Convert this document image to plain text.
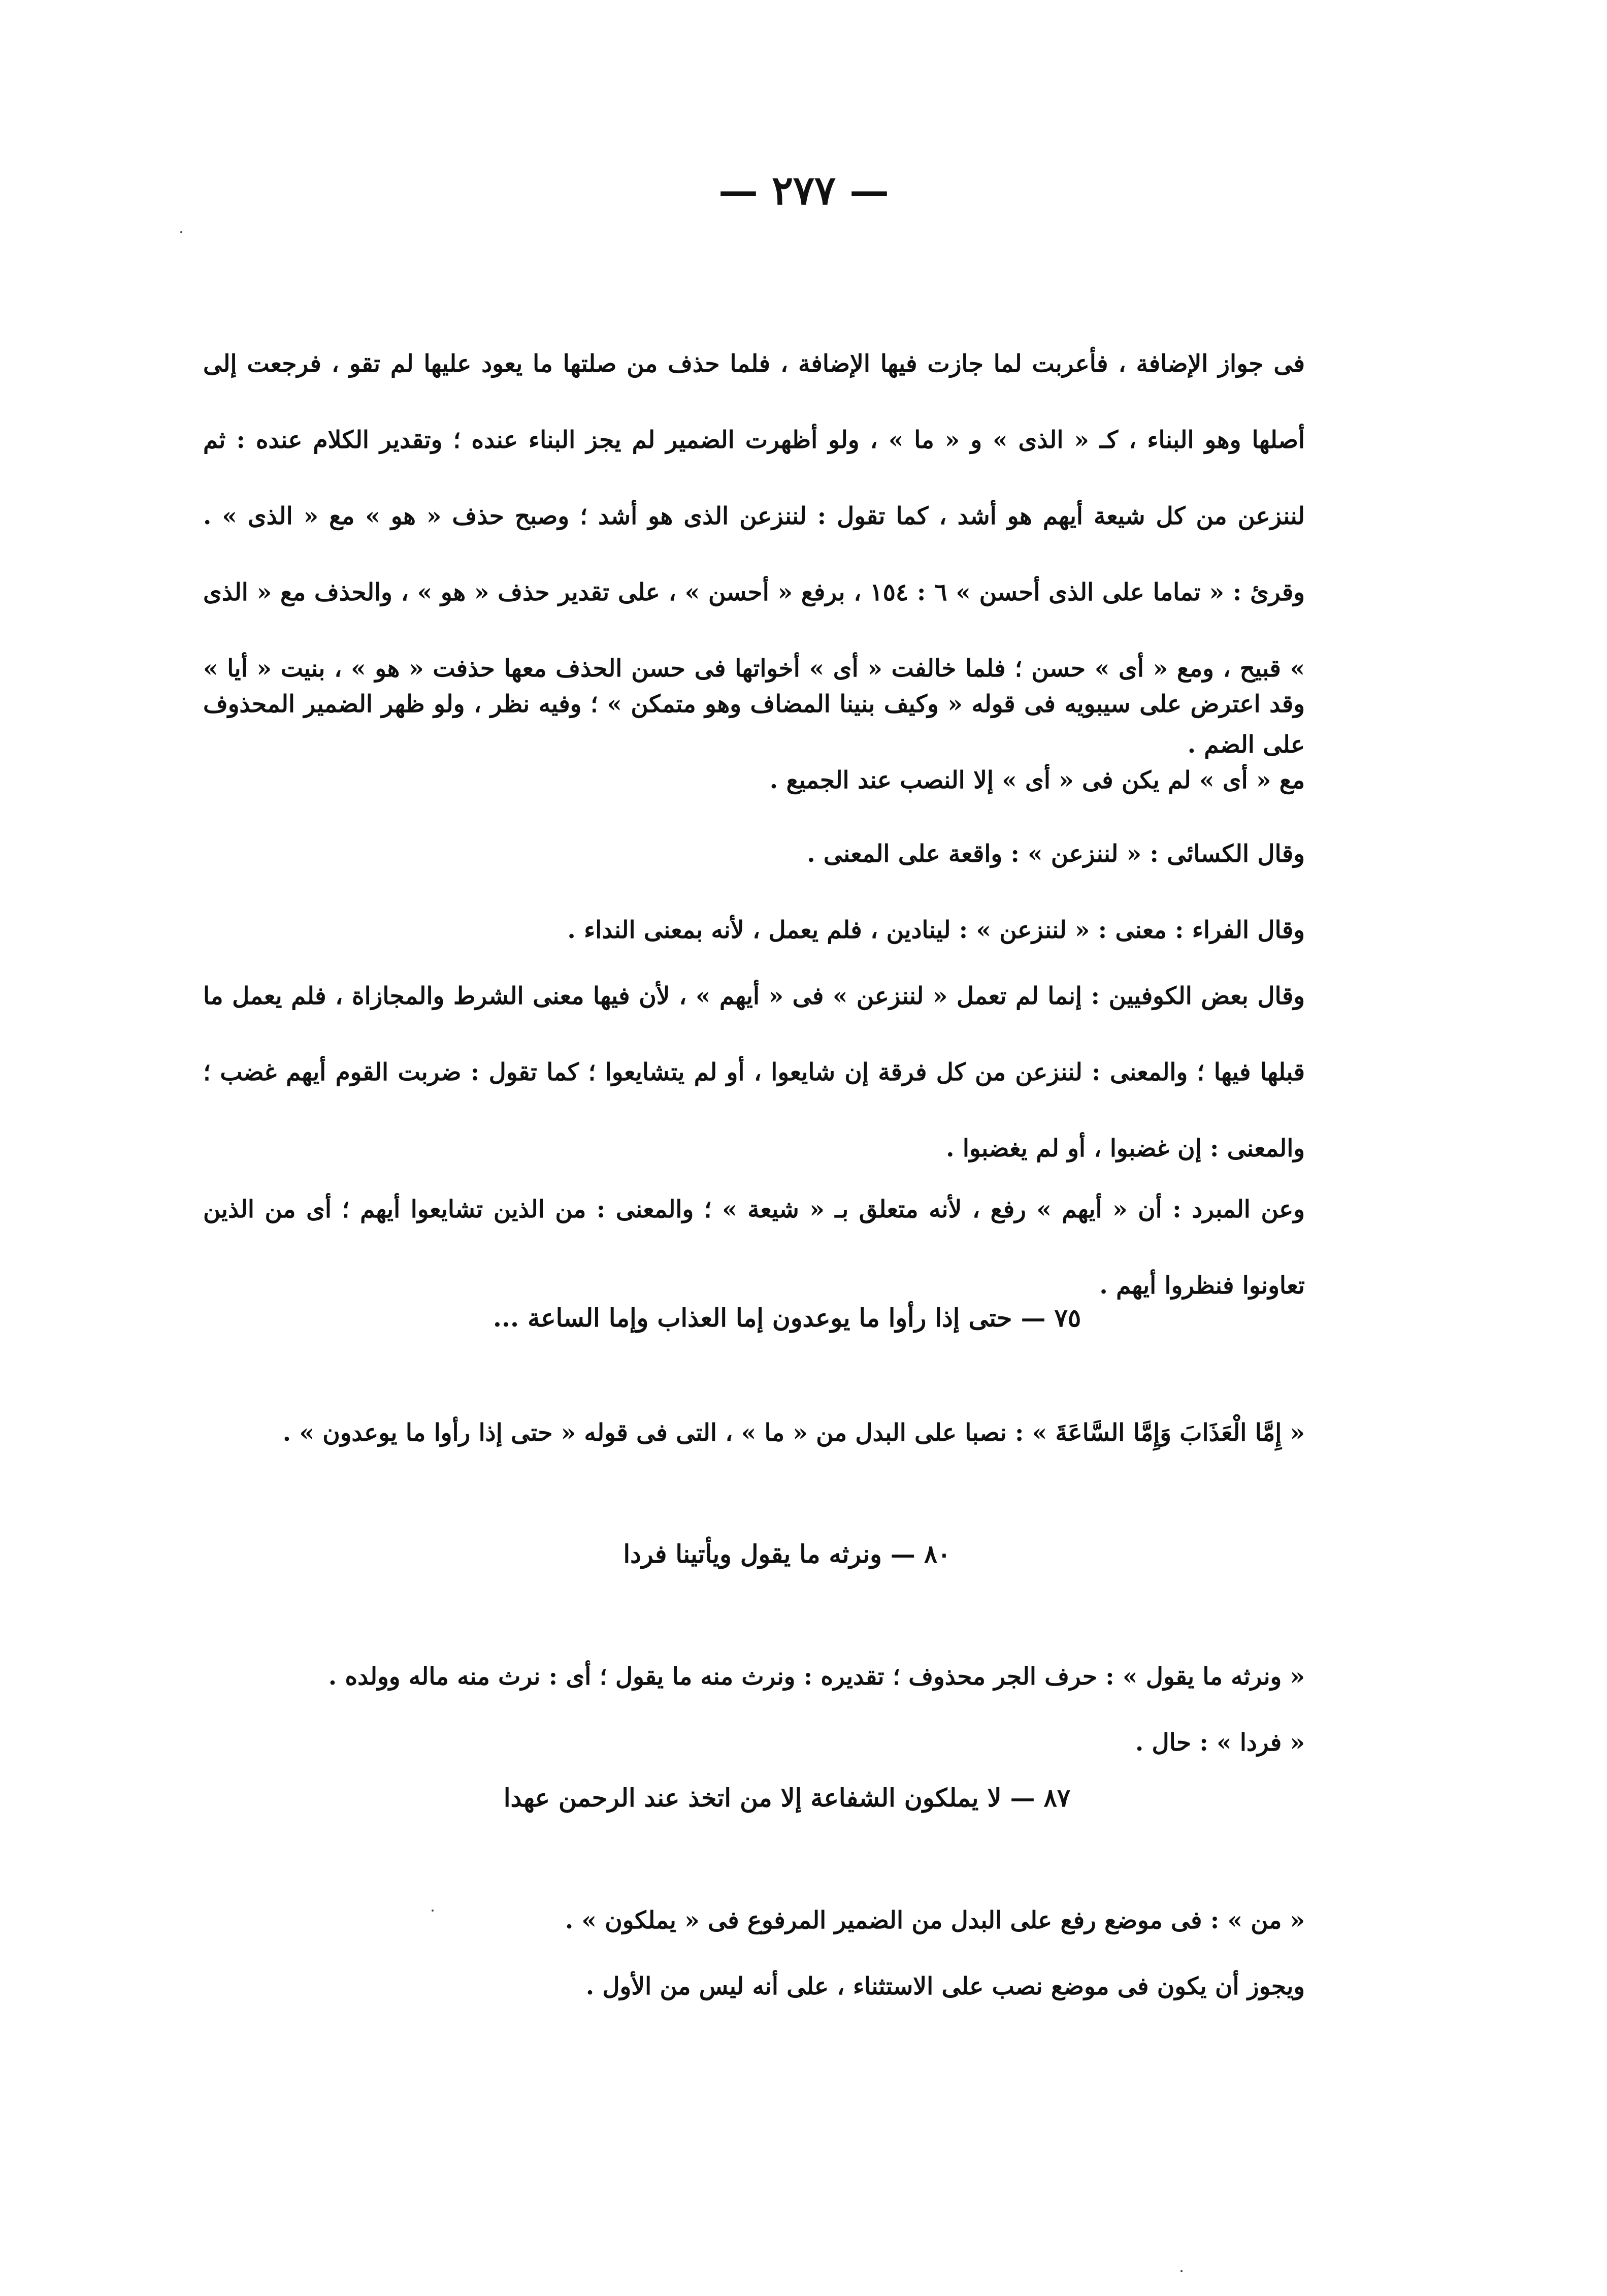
— ٢٧٧ —

فى جواز الإضافة ، فأعربت لما جازت فيها الإضافة ، فلما حذف من صلتها ما يعود عليها لم تقو ، فرجعت إلى أصلها وهو البناء ، كـ « الذى » و « ما » ، ولو أظهرت الضمير لم يجز البناء عنده ؛ وتقدير الكلام عنده : ثم لننزعن من كل شيعة أيهم هو أشد ، كما تقول : لننزعن الذى هو أشد ؛ وصبح حذف « هو » مع « الذى » . وقرئ : « تماما على الذى أحسن » ٦ : ١٥٤ ، برفع « أحسن » ، على تقدير حذف « هو » ، والحذف مع « الذى » قبيح ، ومع « أى » حسن ؛ فلما خالفت « أى » أخواتها فى حسن الحذف معها حذفت « هو » ، بنيت « أيا » على الضم .

وقد اعترض على سيبويه فى قوله « وكيف بنينا المضاف وهو متمكن » ؛ وفيه نظر ، ولو ظهر الضمير المحذوف مع « أى » لم يكن فى « أى » إلا النصب عند الجميع .

وقال الكسائى : « لننزعن » : واقعة على المعنى .

وقال الفراء : معنى : « لننزعن » : لينادين ، فلم يعمل ، لأنه بمعنى النداء .

وقال بعض الكوفيين : إنما لم تعمل « لننزعن » فى « أيهم » ، لأن فيها معنى الشرط والمجازاة ، فلم يعمل ما قبلها فيها ؛ والمعنى : لننزعن من كل فرقة إن شايعوا ، أو لم يتشايعوا ؛ كما تقول : ضربت القوم أيهم غضب ؛ والمعنى : إن غضبوا ، أو لم يغضبوا .

وعن المبرد : أن « أيهم » رفع ، لأنه متعلق بـ « شيعة » ؛ والمعنى : من الذين تشايعوا أيهم ؛ أى من الذين تعاونوا فنظروا أيهم .

٧٥ — حتى إذا رأوا ما يوعدون إما العذاب وإما الساعة ...

« إِمَّا الْعَذَابَ وَإِمَّا السَّاعَةَ » : نصبا على البدل من « ما » ، التى فى قوله « حتى إذا رأوا ما يوعدون » .

٨٠ — ونرثه ما يقول ويأتينا فردا

« ونرثه ما يقول » : حرف الجر محذوف ؛ تقديره : ونرث منه ما يقول ؛ أى : نرث منه ماله وولده .

« فردا » : حال .

٨٧ — لا يملكون الشفاعة إلا من اتخذ عند الرحمن عهدا

« من » : فى موضع رفع على البدل من الضمير المرفوع فى « يملكون » .

ويجوز أن يكون فى موضع نصب على الاستثناء ، على أنه ليس من الأول .
